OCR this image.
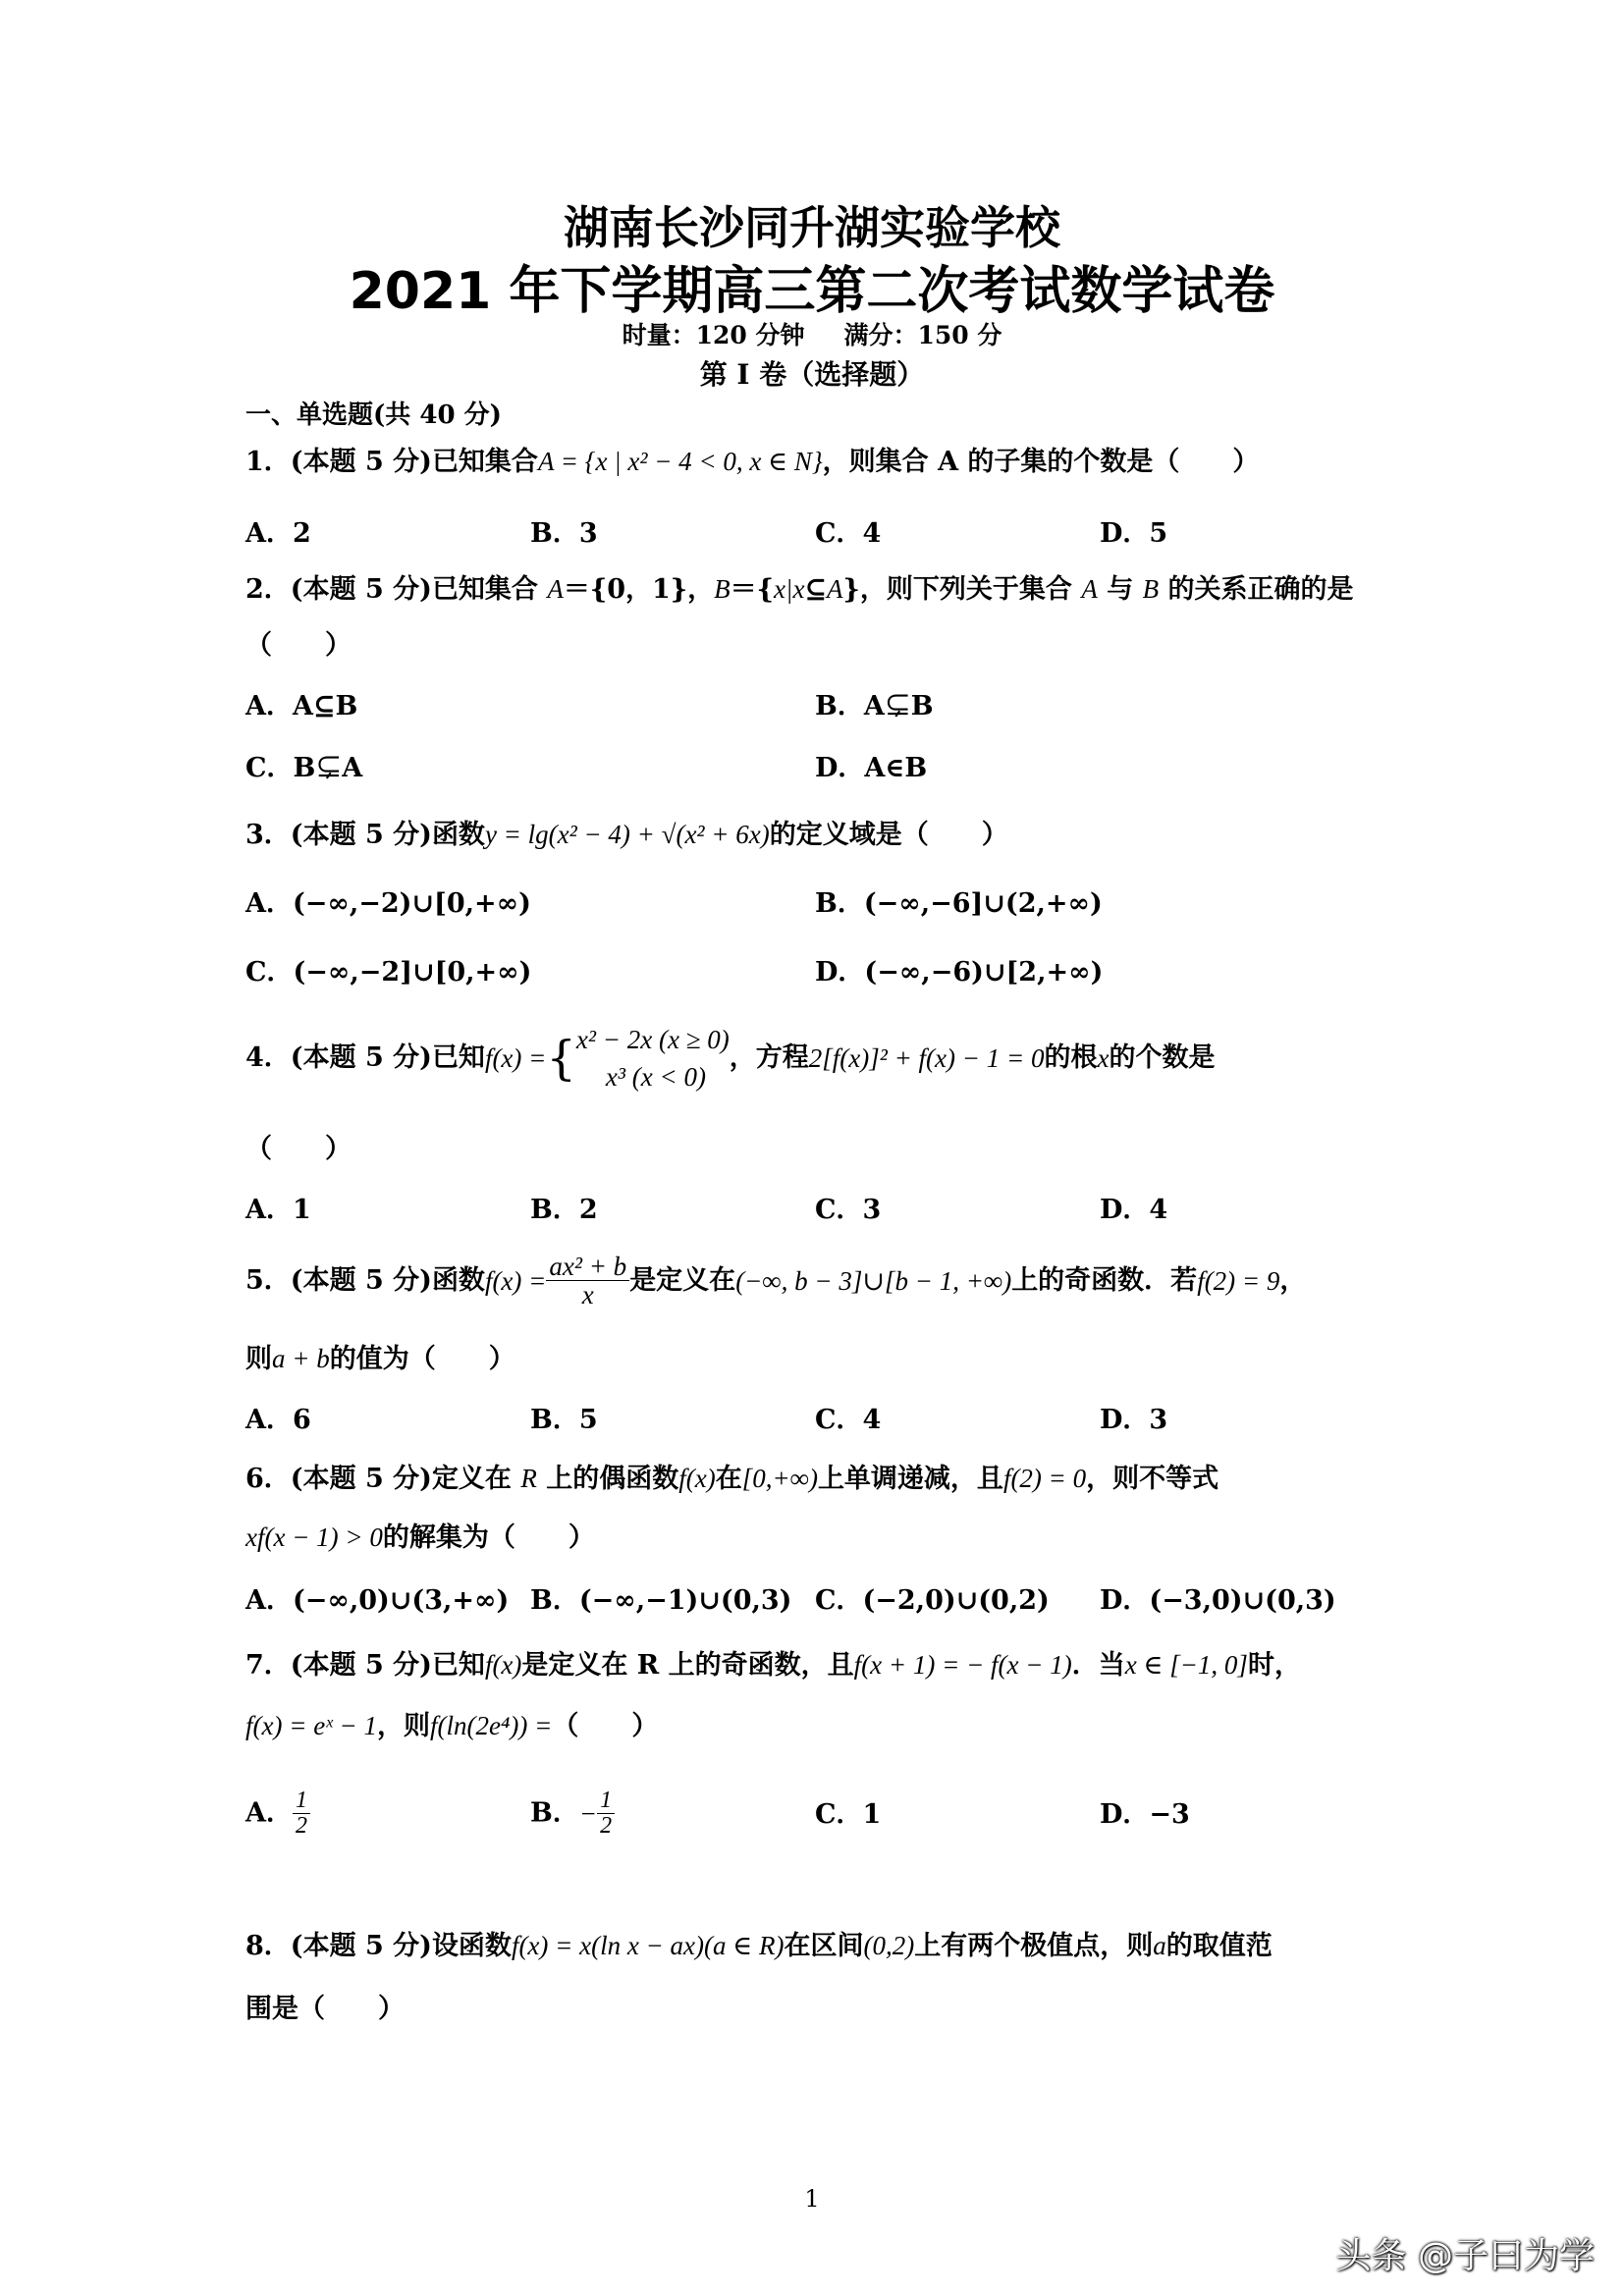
湖南长沙同升湖实验学校
2021 年下学期高三第二次考试数学试卷
时量：120 分钟 满分：150 分
第 I 卷（选择题）
一、单选题(共 40 分)
1．(本题 5 分)已知集合A = {x | x² − 4 < 0, x ∈ N}，则集合 A 的子集的个数是（　　）
A．2	B．3	C．4	D．5
2．(本题 5 分)已知集合 A＝{0，1}，B＝{x|x⊆A}，则下列关于集合 A 与 B 的关系正确的是
（　　）
A．A⊆B	B．A⊊B
C．B⊊A	D．A∈B
3．(本题 5 分)函数y = lg(x² − 4) + √(x² + 6x)的定义域是（　　）
A．(−∞,−2)∪[0,+∞)	B．(−∞,−6]∪(2,+∞)
C．(−∞,−2]∪[0,+∞)	D．(−∞,−6)∪[2,+∞)
4．(本题 5 分)已知f(x) ={ x² − 2x (x ≥ 0)
x³ (x < 0)
，方程2[f(x)]² + f(x) − 1 = 0的根x的个数是
（　　）
A．1	B．2	C．3	D．4
5．(本题 5 分)函数$f(x) = \frac{\text{ax² + b}}{x}$ 是定义在(−∞, b − 3]∪[b − 1, +∞)上的奇函数．若f(2) = 9，
则a + b的值为（　　）
A．6	B．5	C．4	D．3
6．(本题 5 分)定义在 R 上的偶函数f(x)在[0,+∞)上单调递减，且f(2) = 0，则不等式
xf(x − 1) > 0的解集为（　　）
A．(−∞,0)∪(3,+∞) B．(−∞,−1)∪(0,3) C．(−2,0)∪(0,2) D．(−3,0)∪(0,3)
7．(本题 5 分)已知f(x)是定义在 R 上的奇函数，且f(x + 1) = − f(x − 1)．当x ∈ [−1, 0]时，
f(x) = eˣ − 1，则f(ln(2e⁴)) =（　　）
A． $\frac{1}{2}$	B．− $\frac{1}{2}$	C．1	D．−3
8．(本题 5 分)设函数f(x) = x(ln x − ax)(a ∈ R)在区间(0,2)上有两个极值点，则a的取值范
围是（　　）
1
头条 @子曰为学
